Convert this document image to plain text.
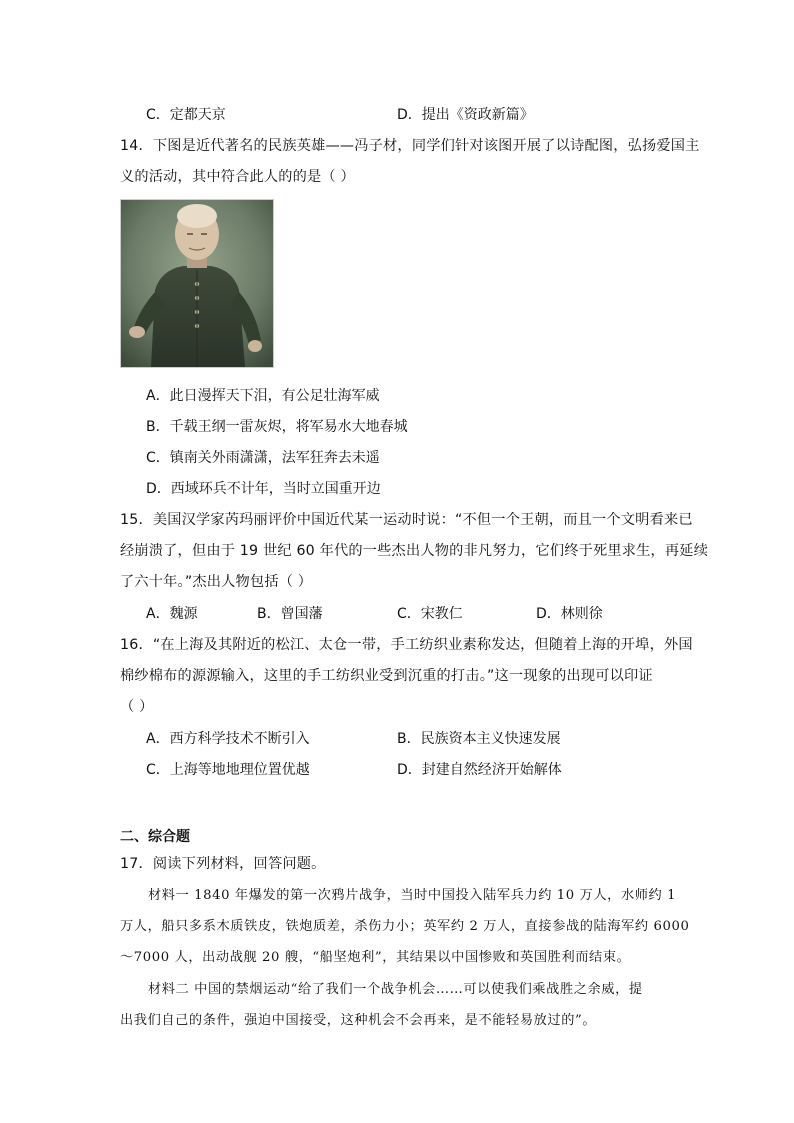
C．定都天京	D．提出《资政新篇》
14．下图是近代著名的民族英雄——冯子材，同学们针对该图开展了以诗配图，弘扬爱国主
义的活动，其中符合此人的的是（ ）
A．此日漫挥天下泪，有公足壮海军威
B．千载王纲一雷灰烬，将军易水大地春城
C．镇南关外雨潇潇，法军狂奔去未遥
D．西域环兵不计年，当时立国重开边
15．美国汉学家芮玛丽评价中国近代某一运动时说：“不但一个王朝，而且一个文明看来已
经崩溃了，但由于 19 世纪 60 年代的一些杰出人物的非凡努力，它们终于死里求生，再延续
了六十年。”杰出人物包括（ ）
A．魏源	B．曾国藩	C．宋教仁	D．林则徐
16．“在上海及其附近的松江、太仓一带，手工纺织业素称发达，但随着上海的开埠，外国
棉纱棉布的源源输入，这里的手工纺织业受到沉重的打击。”这一现象的出现可以印证
（ ）
A．西方科学技术不断引入	B．民族资本主义快速发展
C．上海等地地理位置优越	D．封建自然经济开始解体
二、综合题
17．阅读下列材料，回答问题。
材料一 1840 年爆发的第一次鸦片战争，当时中国投入陆军兵力约 10 万人，水师约 1
万人，船只多系木质铁皮，铁炮质差，杀伤力小；英军约 2 万人，直接参战的陆海军约 6000
～7000 人，出动战舰 20 艘，“船坚炮利”，其结果以中国惨败和英国胜利而结束。
材料二 中国的禁烟运动“给了我们一个战争机会……可以使我们乘战胜之余威，提
出我们自己的条件，强迫中国接受，这种机会不会再来，是不能轻易放过的”。
